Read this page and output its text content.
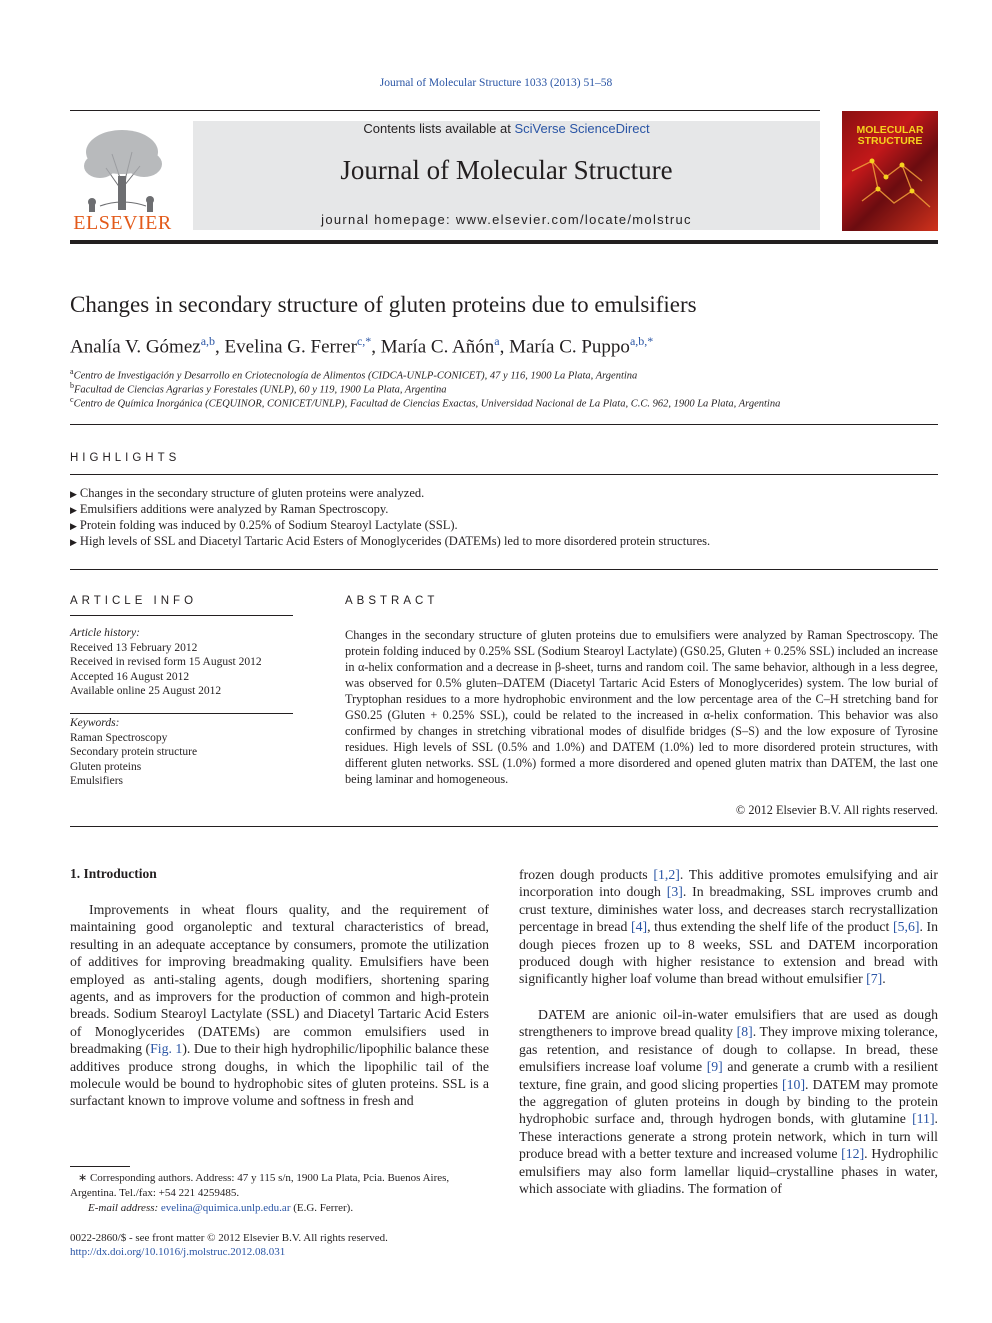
Journal of Molecular Structure 1033 (2013) 51–58
ELSEVIER
Contents lists available at SciVerse ScienceDirect
Journal of Molecular Structure
journal homepage: www.elsevier.com/locate/molstruc
MOLECULAR STRUCTURE
Changes in secondary structure of gluten proteins due to emulsifiers
Analía V. Gómez$^{a,b}$, Evelina G. Ferrer$^{c,*}$, María C. Añón$^a$, María C. Puppo$^{a,b,*}$
$^a$Centro de Investigación y Desarrollo en Criotecnología de Alimentos (CIDCA-UNLP-CONICET), 47 y 116, 1900 La Plata, Argentina
$^b$Facultad de Ciencias Agrarias y Forestales (UNLP), 60 y 119, 1900 La Plata, Argentina
$^c$Centro de Química Inorgánica (CEQUINOR, CONICET/UNLP), Facultad de Ciencias Exactas, Universidad Nacional de La Plata, C.C. 962, 1900 La Plata, Argentina
HIGHLIGHTS
▶ Changes in the secondary structure of gluten proteins were analyzed.
▶ Emulsifiers additions were analyzed by Raman Spectroscopy.
▶ Protein folding was induced by 0.25% of Sodium Stearoyl Lactylate (SSL).
▶ High levels of SSL and Diacetyl Tartaric Acid Esters of Monoglycerides (DATEMs) led to more disordered protein structures.
ARTICLE INFO
Article history:
Received 13 February 2012
Received in revised form 15 August 2012
Accepted 16 August 2012
Available online 25 August 2012
Keywords:
Raman Spectroscopy
Secondary protein structure
Gluten proteins
Emulsifiers
ABSTRACT
Changes in the secondary structure of gluten proteins due to emulsifiers were analyzed by Raman Spectroscopy. The protein folding induced by 0.25% SSL (Sodium Stearoyl Lactylate) (GS0.25, Gluten + 0.25% SSL) included an increase in α-helix conformation and a decrease in β-sheet, turns and random coil. The same behavior, although in a less degree, was observed for 0.5% gluten–DATEM (Diacetyl Tartaric Acid Esters of Monoglycerides) system. The low burial of Tryptophan residues to a more hydrophobic environment and the low percentage area of the C–H stretching band for GS0.25 (Gluten + 0.25% SSL), could be related to the increased in α-helix conformation. This behavior was also confirmed by changes in stretching vibrational modes of disulfide bridges (S–S) and the low exposure of Tyrosine residues. High levels of SSL (0.5% and 1.0%) and DATEM (1.0%) led to more disordered protein structures, with different gluten networks. SSL (1.0%) formed a more disordered and opened gluten matrix than DATEM, the last one being laminar and homogeneous.
© 2012 Elsevier B.V. All rights reserved.
1. Introduction
Improvements in wheat flours quality, and the requirement of maintaining good organoleptic and textural characteristics of bread, resulting in an adequate acceptance by consumers, promote the utilization of additives for improving breadmaking quality. Emulsifiers have been employed as anti-staling agents, dough modifiers, shortening sparing agents, and as improvers for the production of common and high-protein breads. Sodium Stearoyl Lactylate (SSL) and Diacetyl Tartaric Acid Esters of Monoglycerides (DATEMs) are common emulsifiers used in breadmaking (Fig. 1). Due to their high hydrophilic/lipophilic balance these additives produce strong doughs, in which the lipophilic tail of the molecule would be bound to hydrophobic sites of gluten proteins. SSL is a surfactant known to improve volume and softness in fresh and
frozen dough products [1,2]. This additive promotes emulsifying and air incorporation into dough [3]. In breadmaking, SSL improves crumb and crust texture, diminishes water loss, and decreases starch recrystallization percentage in bread [4], thus extending the shelf life of the product [5,6]. In dough pieces frozen up to 8 weeks, SSL and DATEM incorporation produced dough with higher resistance to extension and bread with significantly higher loaf volume than bread without emulsifier [7].
DATEM are anionic oil-in-water emulsifiers that are used as dough strengtheners to improve bread quality [8]. They improve mixing tolerance, gas retention, and resistance of dough to collapse. In bread, these emulsifiers increase loaf volume [9] and generate a crumb with a resilient texture, fine grain, and good slicing properties [10]. DATEM may promote the aggregation of gluten proteins in dough by binding to the protein hydrophobic surface and, through hydrogen bonds, with glutamine [11]. These interactions generate a strong protein network, which in turn will produce bread with a better texture and increased volume [12]. Hydrophilic emulsifiers may also form lamellar liquid–crystalline phases in water, which associate with gliadins. The formation of
∗ Corresponding authors. Address: 47 y 115 s/n, 1900 La Plata, Pcia. Buenos Aires, Argentina. Tel./fax: +54 221 4259485.
E-mail address: evelina@quimica.unlp.edu.ar (E.G. Ferrer).
0022-2860/$ - see front matter © 2012 Elsevier B.V. All rights reserved.
http://dx.doi.org/10.1016/j.molstruc.2012.08.031
